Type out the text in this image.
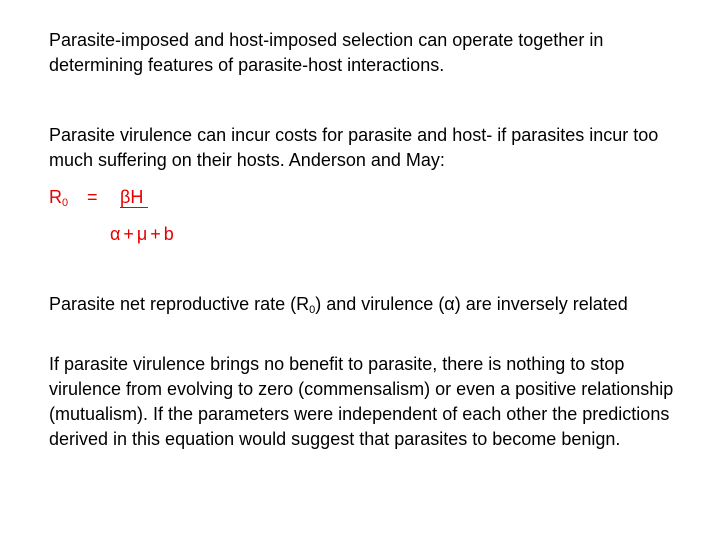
Parasite-imposed and host-imposed selection can operate together in determining features of parasite-host interactions.

Parasite virulence can incur costs for parasite and host- if parasites incur too much suffering on their hosts. Anderson and May:

$R_0 = \beta H$
α+μ+b

Parasite net reproductive rate $(R_0)$ and virulence (α) are inversely related

If parasite virulence brings no benefit to parasite, there is nothing to stop virulence from evolving to zero (commensalism) or even a positive relationship (mutualism). If the parameters were independent of each other the predictions derived in this equation would suggest that parasites to become benign.
